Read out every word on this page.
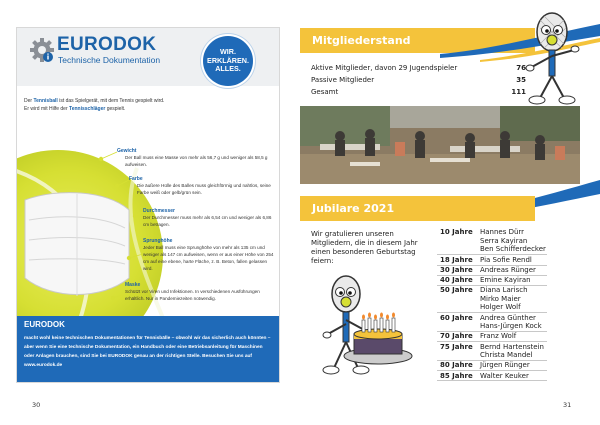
EURODOK
Technische Dokumentation
WIR.
ERKLÄREN.
ALLES.
Der Tennisball ist das Spielgerät, mit dem Tennis gespielt wird.
Er wird mit Hilfe der Tennisschläger gespielt.
Gewicht
Der Ball muss eine Masse von mehr als 56,7 g und weniger als 58,5 g aufweisen.
Farbe
Die äußere Hülle des Balles muss gleichförmig und nahtlos, seine Farbe weiß oder gelb/grün sein.
Durchmesser
Der Durchmesser muss mehr als 6,54 cm und weniger als 6,86 cm betragen.
Sprunghöhe
Jeder Ball muss eine Sprunghöhe von mehr als 135 cm und weniger als 147 cm aufweisen, wenn er aus einer Höhe von 254 cm auf eine ebene, harte Fläche, z. B. Beton, fallen gelassen wird.
Maske
Schützt vor Viren und Infektionen. In verschiedenen Ausführungen erhältlich. Nur in Pandemiezeiten notwendig.
EURODOK
macht wohl keine technischen Dokumentationen für Tennisbälle – obwohl wir das sicherlich auch könnten – aber wenn Sie eine technische Dokumentation, ein Handbuch oder eine Betriebsanleitung für Maschinen oder Anlagen brauchen, sind Sie bei EURODOK genau an der richtigen Stelle. Besuchen Sie uns auf www.eurodok.de
30
Mitgliederstand
Aktive Mitglieder, davon 29 Jugendspieler	76
Passive Mitglieder	35
Gesamt	111
Jubilare 2021
Wir gratulieren unseren Mitgliedern, die in diesem Jahr einen besonderen Geburtstag feiern:
10 Jahre	Hannes Dürr
Serra Kayiran
Ben Schifferdecker

18 Jahre	Pia Sofie Rendl

30 Jahre	Andreas Rünger

40 Jahre	Emine Kayiran

50 Jahre	Diana Larisch
Mirko Maier
Holger Wolf

60 Jahre	Andrea Günther
Hans-Jürgen Kock

70 Jahre	Franz Wolf

75 Jahre	Bernd Hartenstein
Christa Mandel

80 Jahre	Jürgen Rünger

85 Jahre	Walter Keuker
31
